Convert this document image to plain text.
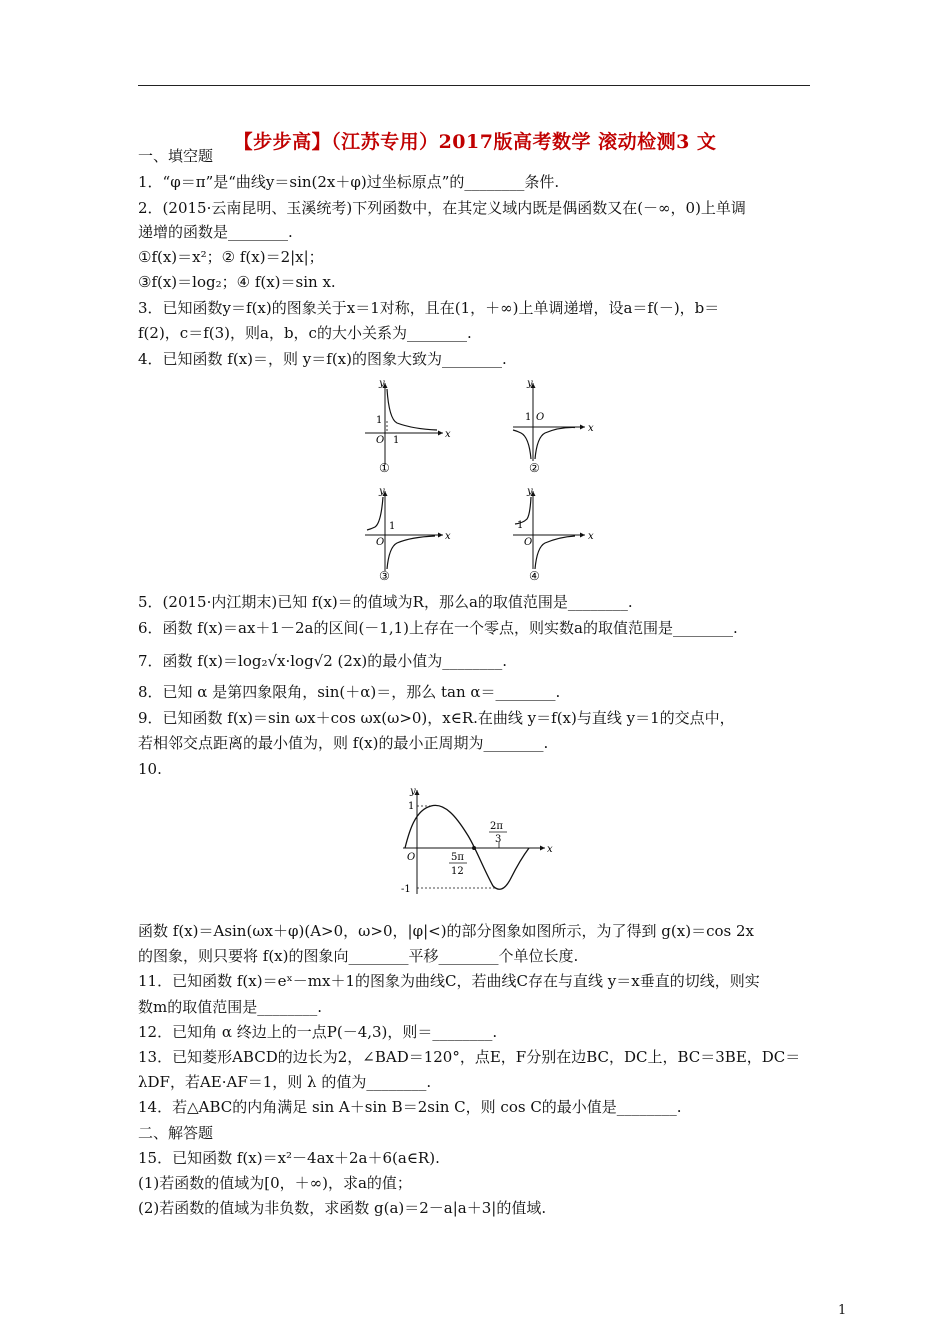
【步步高】（江苏专用）2017版高考数学 滚动检测3 文
一、填空题
1．“φ＝π”是“曲线y＝sin(2x＋φ)过坐标原点”的________条件.
2．(2015·云南昆明、玉溪统考)下列函数中，在其定义域内既是偶函数又在(－∞，0)上单调
递增的函数是________.
①f(x)＝x²；② f(x)＝2|x|；
③f(x)＝log₂；④ f(x)＝sin x.
3．已知函数y＝f(x)的图象关于x＝1对称，且在(1，＋∞)上单调递增，设a＝f(－)，b＝
f(2)，c＝f(3)，则a，b，c的大小关系为________.
4．已知函数 f(x)＝，则 y＝f(x)的图象大致为________.
y
x
O
1
1
①
y
x
O
1
②
y
x
O
1
③
y
x
O
1
④
5．(2015·内江期末)已知 f(x)＝的值域为R，那么a的取值范围是________.
6．函数 f(x)＝ax＋1－2a的区间(－1,1)上存在一个零点，则实数a的取值范围是________.
7．函数 f(x)＝log₂√x·log√2 (2x)的最小值为________.
8．已知 α 是第四象限角，sin(＋α)＝，那么 tan α＝________.
9．已知函数 f(x)＝sin ωx＋cos ωx(ω>0)，x∈R.在曲线 y＝f(x)与直线 y＝1的交点中，
若相邻交点距离的最小值为，则 f(x)的最小正周期为________.
10.
y
x
O
1
-1
2π
3
5π
12
函数 f(x)＝Asin(ωx＋φ)(A>0，ω>0，|φ|<)的部分图象如图所示，为了得到 g(x)＝cos 2x
的图象，则只要将 f(x)的图象向________平移________个单位长度.
11．已知函数 f(x)＝eˣ－mx＋1的图象为曲线C，若曲线C存在与直线 y＝x垂直的切线，则实
数m的取值范围是________.
12．已知角 α 终边上的一点P(－4,3)，则＝________.
13．已知菱形ABCD的边长为2，∠BAD＝120°，点E，F分别在边BC，DC上，BC＝3BE，DC＝
λDF，若AE·AF＝1，则 λ 的值为________.
14．若△ABC的内角满足 sin A＋sin B＝2sin C，则 cos C的最小值是________.
二、解答题
15．已知函数 f(x)＝x²－4ax＋2a＋6(a∈R).
(1)若函数的值域为[0，＋∞)，求a的值；
(2)若函数的值域为非负数，求函数 g(a)＝2－a|a＋3|的值域.
1
